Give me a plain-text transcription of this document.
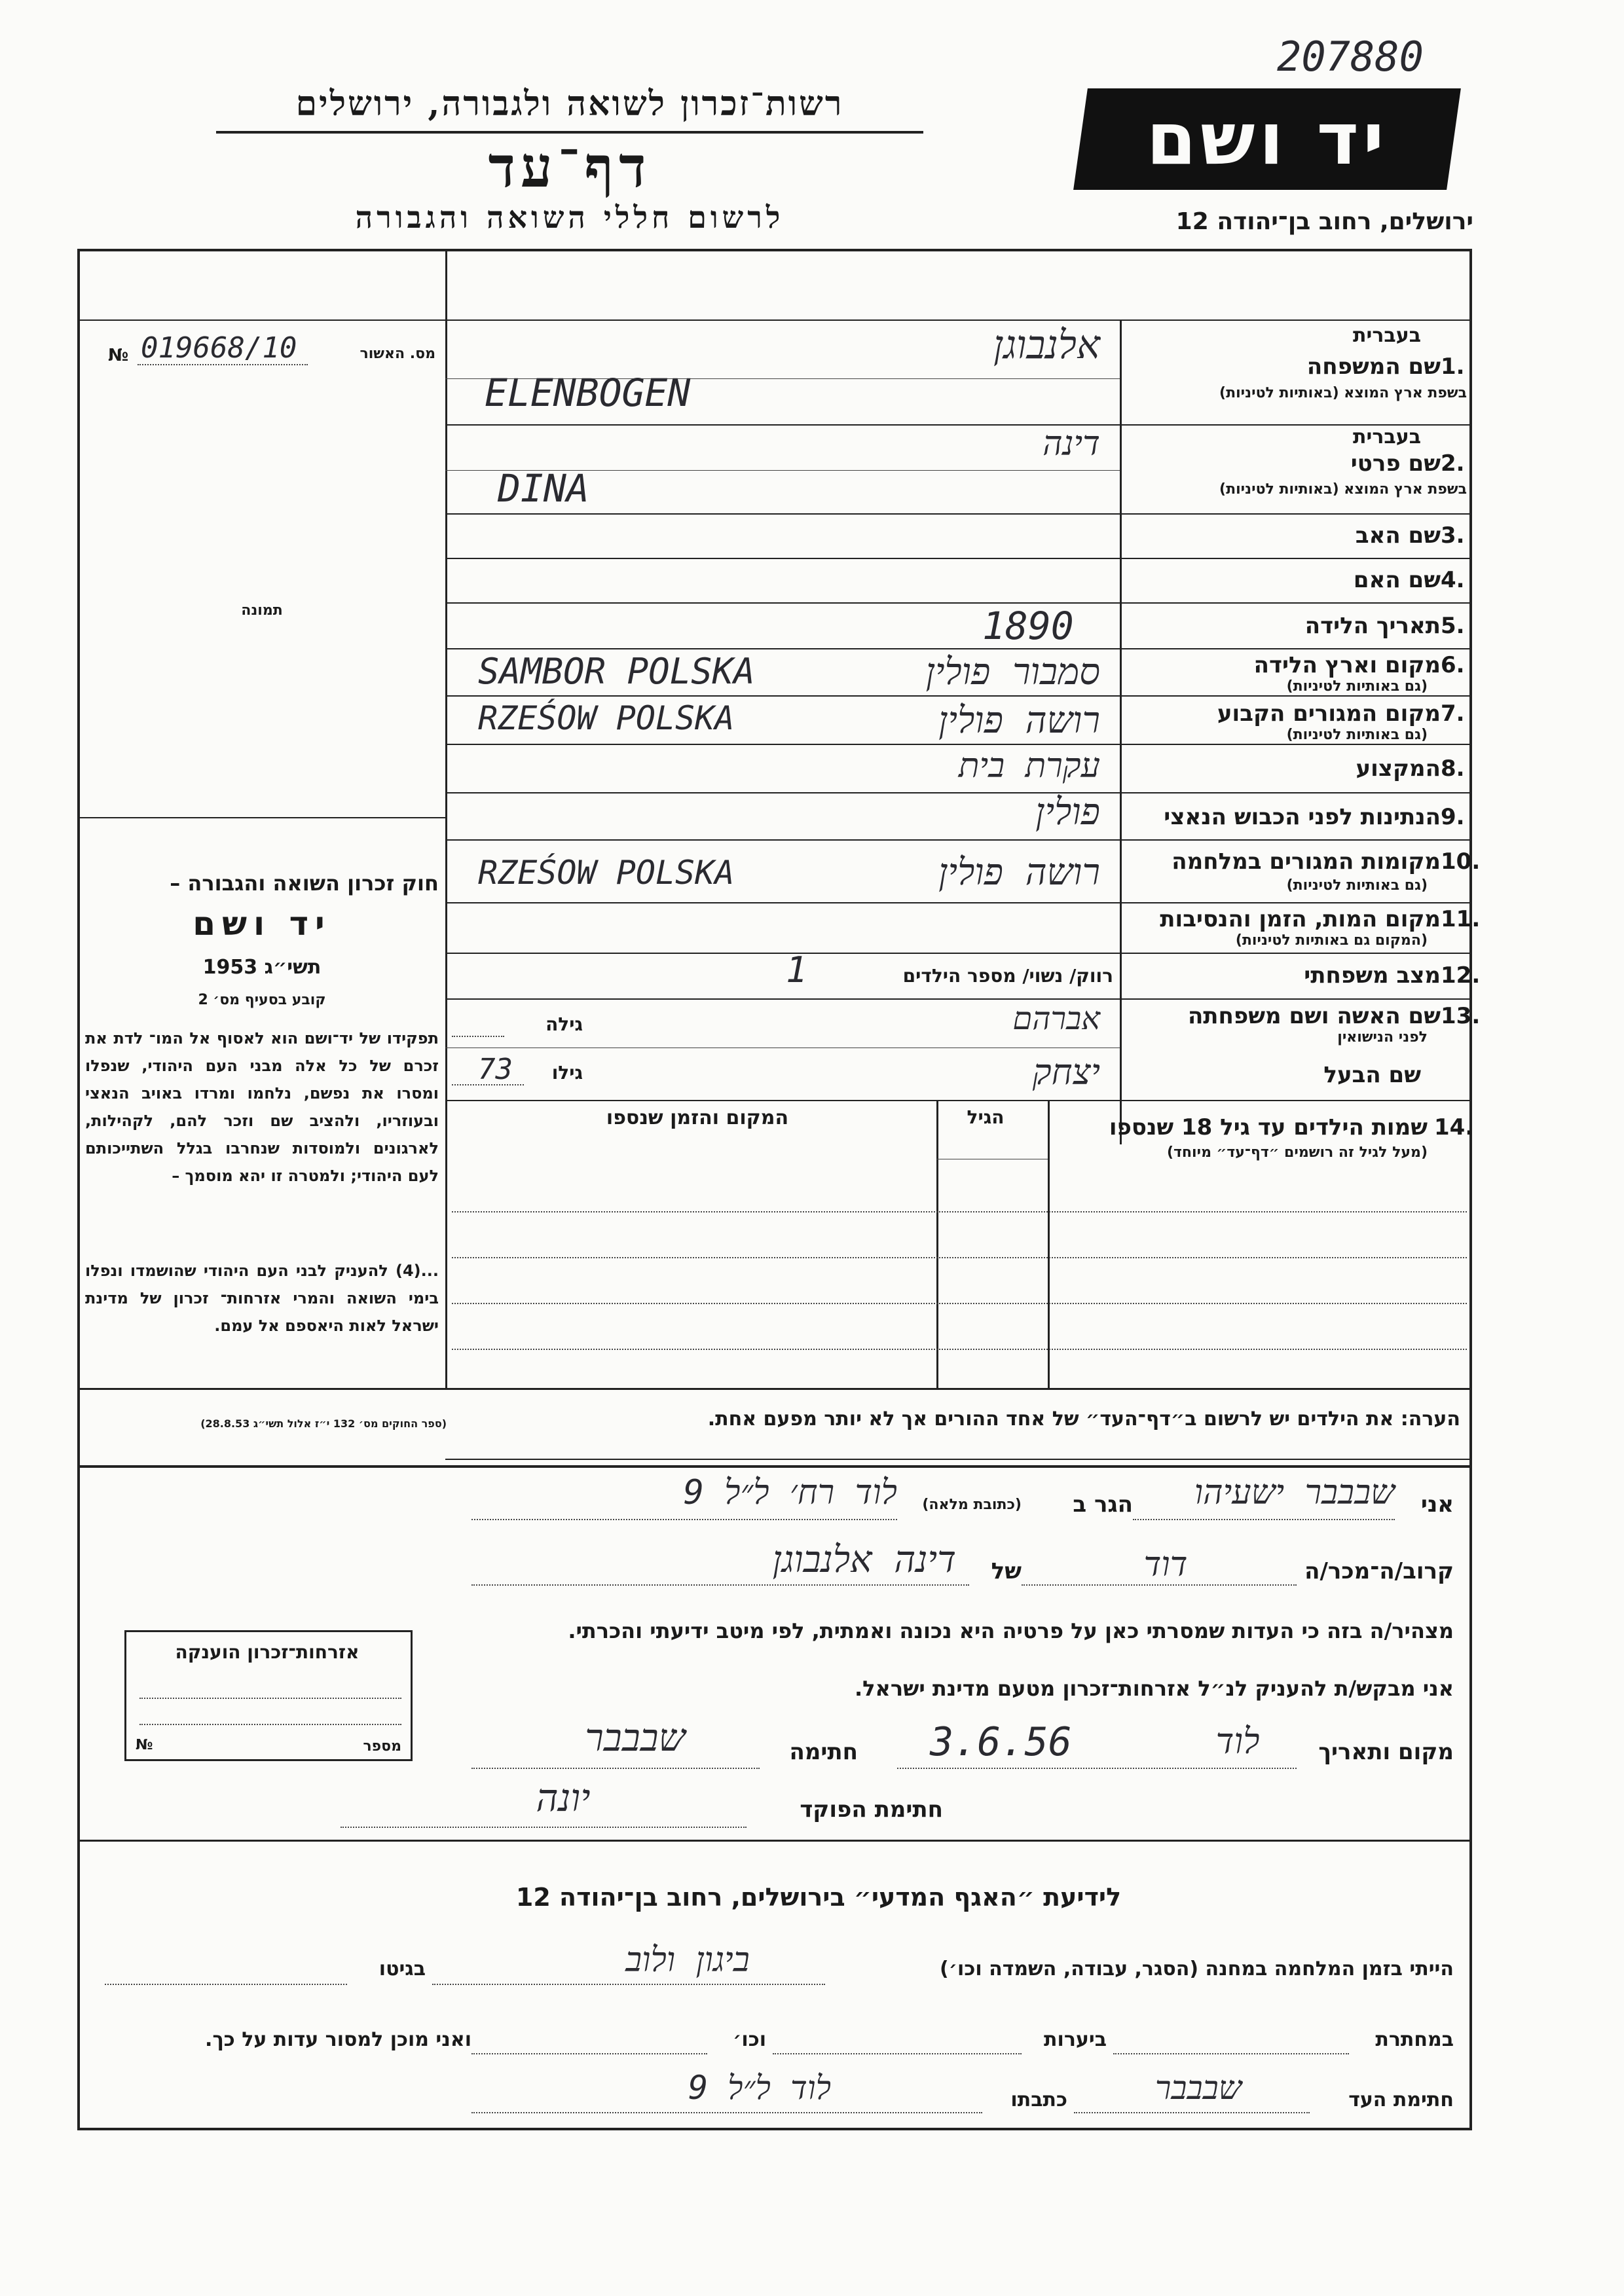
207880
רשות־זכרון לשואה ולגבורה, ירושלים
דף־עד
לרשום חללי השואה והגבורה
יד ושם
ירושלים, רחוב בן־יהודה 12
№ 019668/10	מס. האשור
תמונה
חוק זכרון השואה והגבורה –
יד ושם
תשי״ג 1953
קובע בסעיף מס׳ 2
תפקידו של יד־ושם הוא לאסוף אל המו־ לדת את זכרם של כל אלה מבני העם היהודי, שנפלו ומסרו את נפשם, נלחמו ומרדו באויב הנאצי ובעוזריו, ולהציב שם וזכר להם, לקהילות, לארגונים ולמוסדות שנחרבו בגלל השתייכותם לעם היהודי; ולמטרה זו יהא מוסמך –
...(4) להעניק לבני העם היהודי שהושמדו ונפלו בימי השואה והמרי אזרחות־ זכרון של מדינת ישראל לאות היאספם אל עמם.
(ספר החוקים מס׳ 132 י״ז אלול תשי״ג 28.8.53)
בעברית
שם המשפחה 1.
בשפת ארץ המוצא (באותיות לטיניות)
אלנבוגן
ELENBOGEN
בעברית
שם פרטי 2.
בשפת ארץ המוצא (באותיות לטיניות)
דינה
DINA
שם האב 3.
שם האם 4.
תאריך הלידה 5.
1890
מקום וארץ הלידה 6.
(גם באותיות לטיניות)
סמבור פולין
SAMBOR POLSKA
מקום המגורים הקבוע 7.
(גם באותיות לטיניות)
רושה פולין
RZEŚOW POLSKA
המקצוע 8.
עקרת בית
הנתינות לפני הכבוש הנאצי 9.
פולין
מקומות המגורים במלחמה 10.
(גם באותיות לטיניות)
רושה פולין
RZEŚOW POLSKA
מקום המות, הזמן והנסיבות 11.
(המקום גם באותיות לטיניות)
מצב משפחתי 12.
רווק/ נשוי/ מספר הילדים
1
שם האשה ושם משפחתה 13.
לפני הנישואין
אברהם
גילה
שם הבעל
יצחק
גילו
73
שמות הילדים עד גיל 18 שנספו 14.
(מעל לגיל זה רושמים ״דף־עד״ מיוחד)
הגיל
המקום והזמן שנספו
הערה: את הילדים יש לרשום ב״דף־העד״ של אחד ההורים אך לא יותר מפעם אחת.
אני
שבבבר ישעיהו
הגר ב
(כתובת מלאה)
לוד רח׳ ל״ל 9
קרוב/ה־מכר/ה
דוד
של
דינה אלנבוגן
מצהיר/ה בזה כי העדות שמסרתי כאן על פרטיה היא נכונה ואמתית, לפי מיטב ידיעתי והכרתי.
אני מבקש/ת להעניק לנ״ל אזרחות־זכרון מטעם מדינת ישראל.
מקום ותאריך
לוד
3.6.56
חתימה
שבבבר
חתימת הפוקד
יונה
אזרחות־זכרון הוענקה
№	מספר
לידיעת ״האגף המדעי״ בירושלים, רחוב בן־יהודה 12
הייתי בזמן המלחמה במחנה (הסגר, עבודה, השמדה וכו׳)
ביגון ולוב
בגיטו
במחתרת
ביערות
וכו׳
ואני מוכן למסור עדות על כך.
חתימת העד
שבבבר
כתבתו
לוד ל״ל 9
